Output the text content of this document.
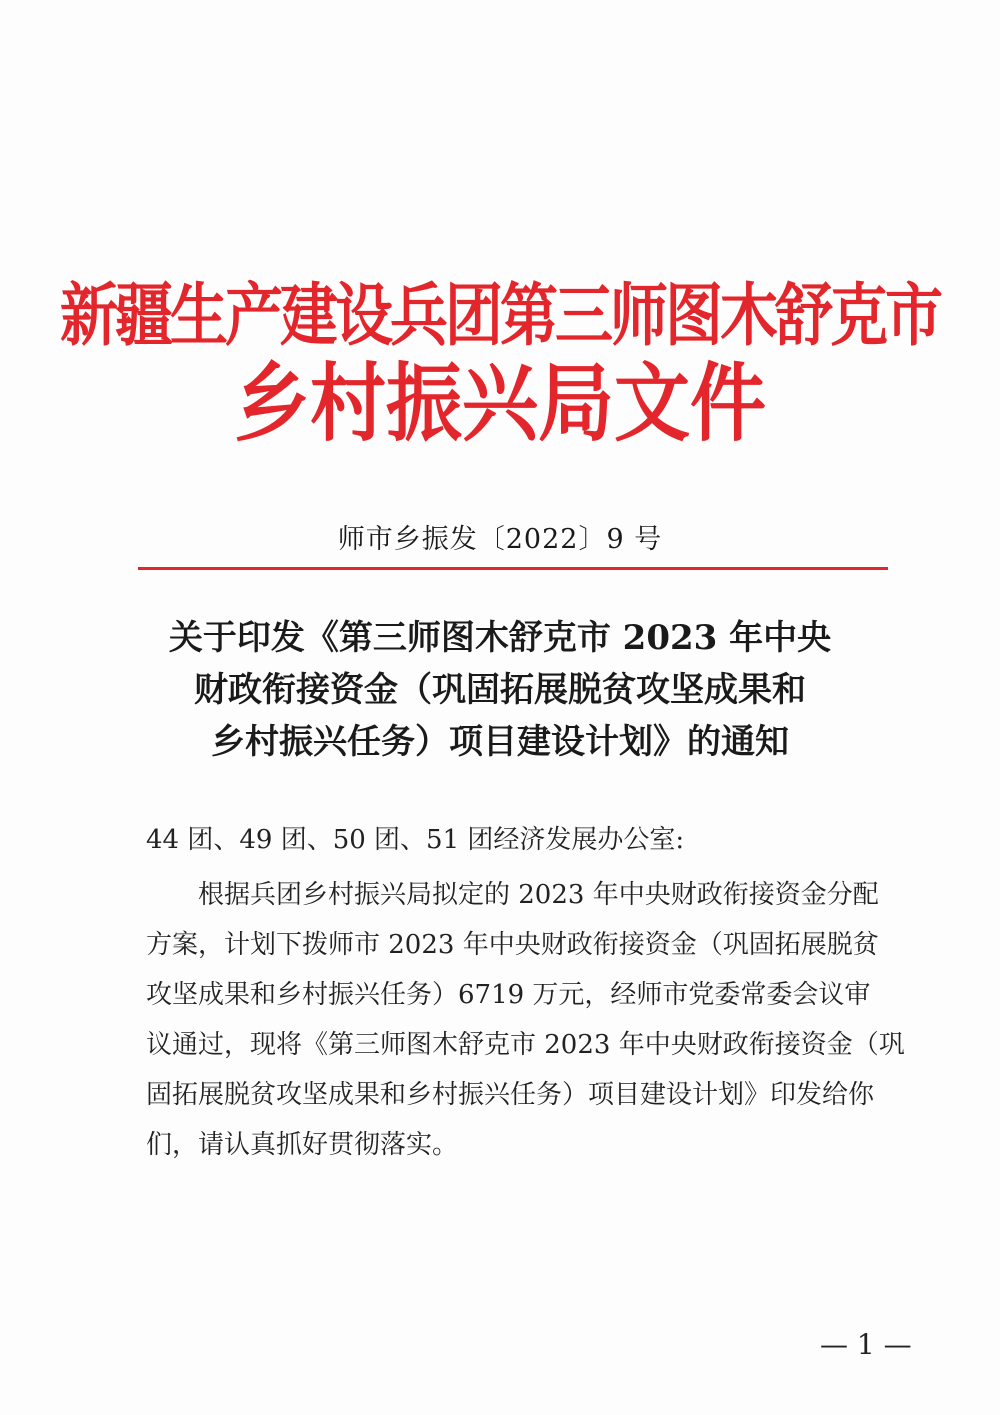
新疆生产建设兵团第三师图木舒克市
乡村振兴局文件
师市乡振发〔2022〕9 号
关于印发《第三师图木舒克市 2023 年中央
财政衔接资金（巩固拓展脱贫攻坚成果和
乡村振兴任务）项目建设计划》的通知
44 团、49 团、50 团、51 团经济发展办公室:
　　根据兵团乡村振兴局拟定的 2023 年中央财政衔接资金分配
方案，计划下拨师市 2023 年中央财政衔接资金（巩固拓展脱贫
攻坚成果和乡村振兴任务）6719 万元，经师市党委常委会议审
议通过，现将《第三师图木舒克市 2023 年中央财政衔接资金（巩
固拓展脱贫攻坚成果和乡村振兴任务）项目建设计划》印发给你
们，请认真抓好贯彻落实。
— 1 —
